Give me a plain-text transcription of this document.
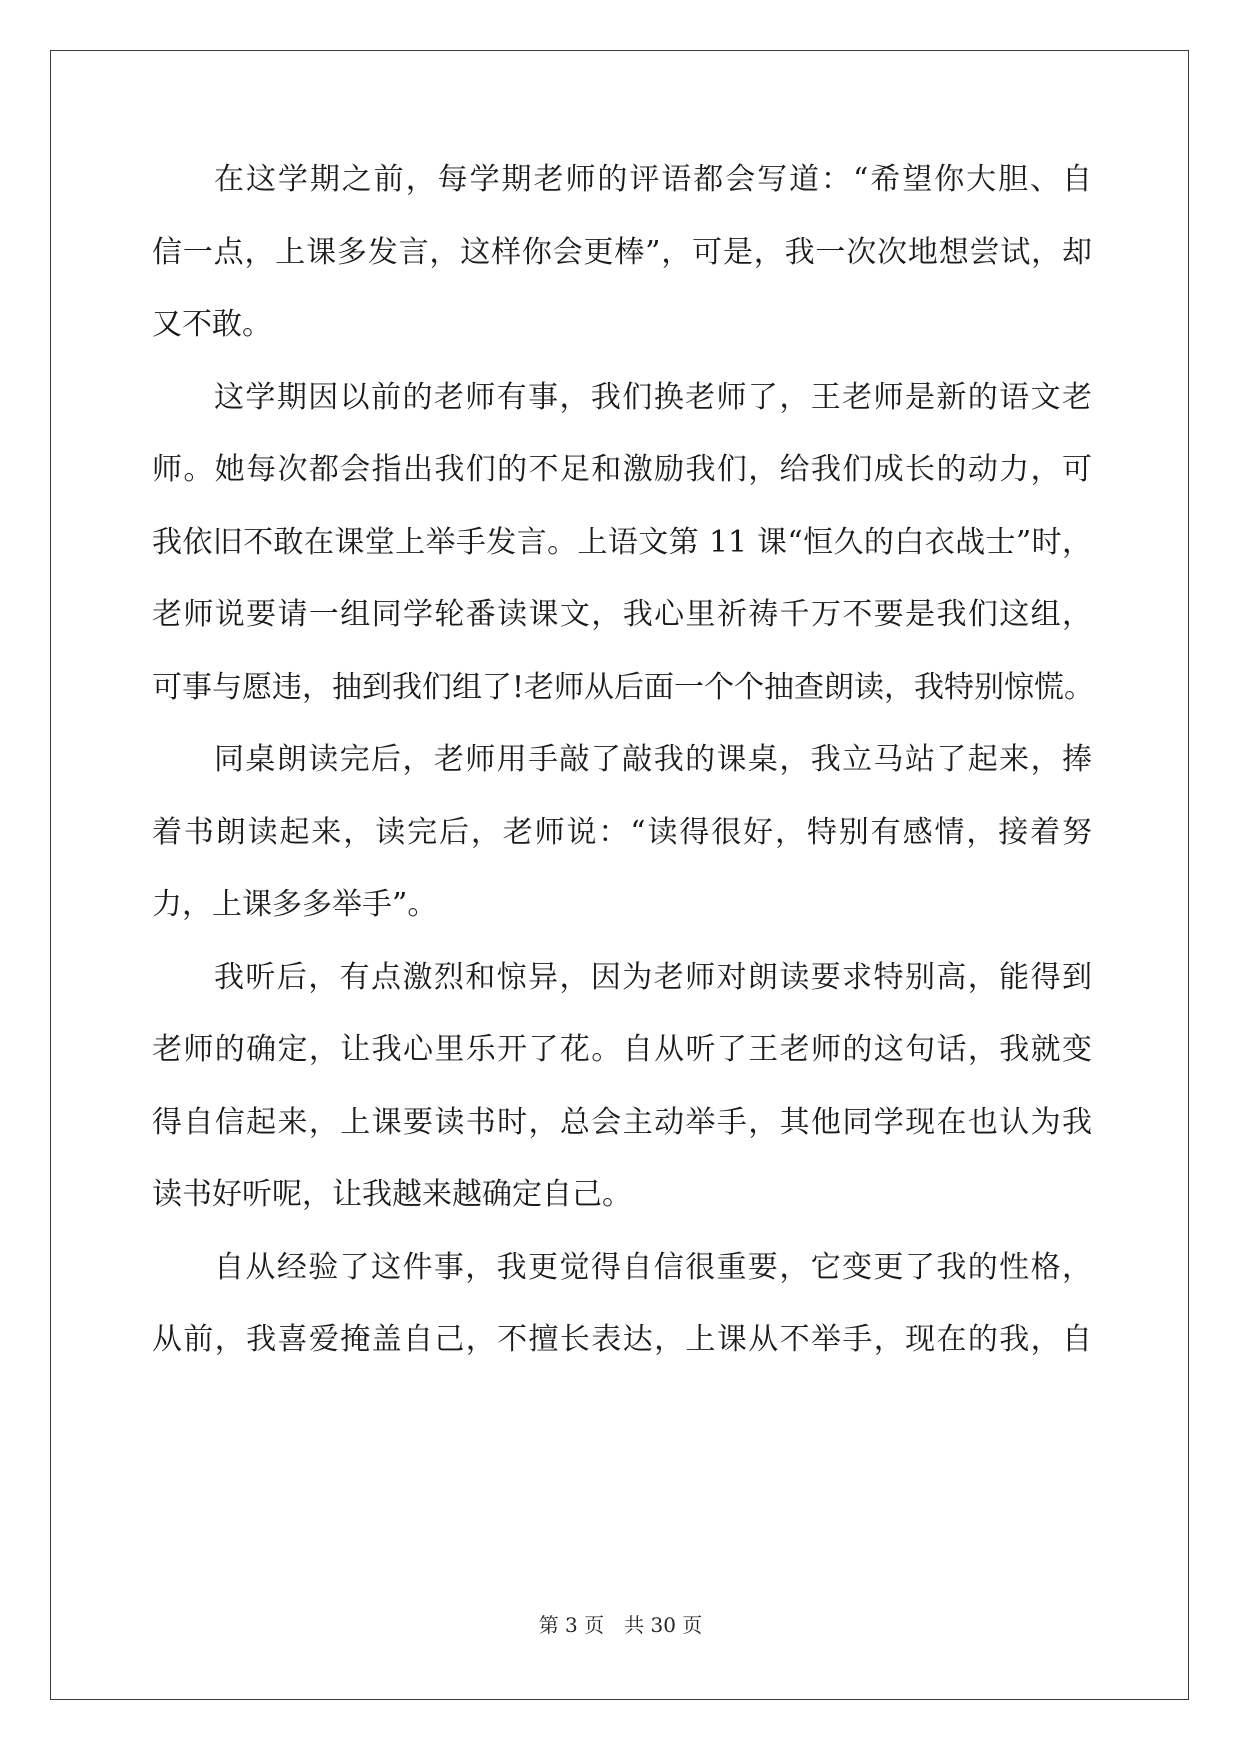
在这学期之前，每学期老师的评语都会写道：“希望你大胆、自
信一点，上课多发言，这样你会更棒”，可是，我一次次地想尝试，却
又不敢。
这学期因以前的老师有事，我们换老师了，王老师是新的语文老
师。她每次都会指出我们的不足和激励我们，给我们成长的动力，可
我依旧不敢在课堂上举手发言。上语文第 11 课“恒久的白衣战士”时，
老师说要请一组同学轮番读课文，我心里祈祷千万不要是我们这组，
可事与愿违，抽到我们组了!老师从后面一个个抽查朗读，我特别惊慌。
同桌朗读完后，老师用手敲了敲我的课桌，我立马站了起来，捧
着书朗读起来，读完后，老师说：“读得很好，特别有感情，接着努
力，上课多多举手”。
我听后，有点激烈和惊异，因为老师对朗读要求特别高，能得到
老师的确定，让我心里乐开了花。自从听了王老师的这句话，我就变
得自信起来，上课要读书时，总会主动举手，其他同学现在也认为我
读书好听呢，让我越来越确定自己。
自从经验了这件事，我更觉得自信很重要，它变更了我的性格，
从前，我喜爱掩盖自己，不擅长表达，上课从不举手，现在的我，自
第 3 页　共 30 页
